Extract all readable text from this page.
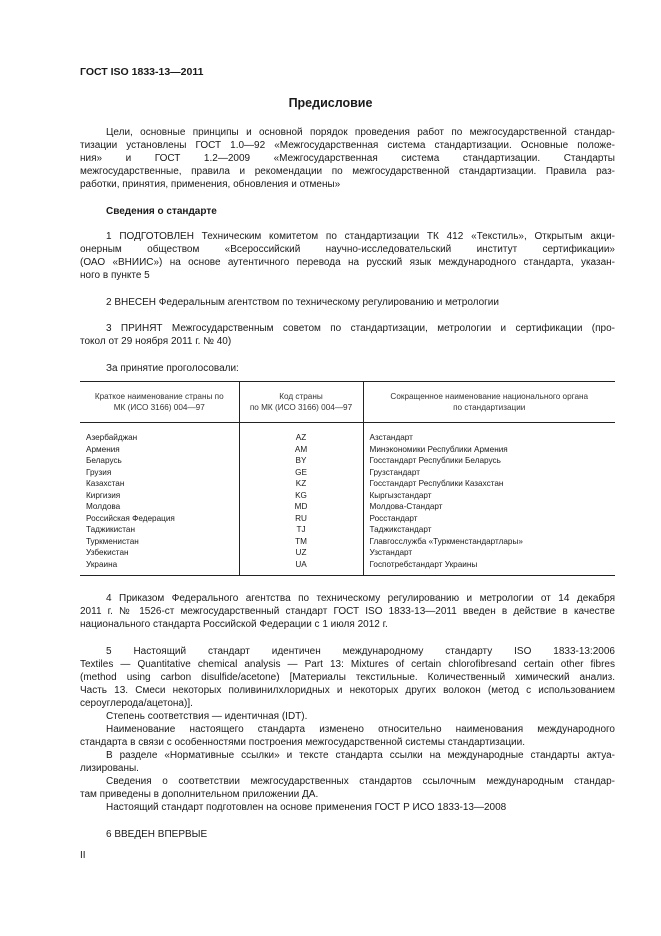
ГОСТ ISO 1833-13—2011
Предисловие
Цели, основные принципы и основной порядок проведения работ по межгосударственной стандар-
тизации установлены ГОСТ 1.0—92 «Межгосударственная система стандартизации. Основные положе-
ния» и ГОСТ 1.2—2009 «Межгосударственная система стандартизации. Стандарты
межгосударственные, правила и рекомендации по межгосударственной стандартизации. Правила раз-
работки, принятия, применения, обновления и отмены»
Сведения о стандарте
1 ПОДГОТОВЛЕН Техническим комитетом по стандартизации ТК 412 «Текстиль», Открытым акци-
онерным обществом «Всероссийский научно-исследовательский институт сертификации»
(ОАО «ВНИИС») на основе аутентичного перевода на русский язык международного стандарта, указан-
ного в пункте 5
2 ВНЕСЕН Федеральным агентством по техническому регулированию и метрологии
3 ПРИНЯТ Межгосударственным советом по стандартизации, метрологии и сертификации (про-
токол от 29 ноября 2011 г. № 40)
За принятие проголосовали:
Краткое наименование страны по
МК (ИСО 3166) 004—97	Код страны
по МК (ИСО 3166) 004—97	Сокращенное наименование национального органа
по стандартизации
Азербайджан	AZ	Азстандарт
Армения	AM	Минэкономики Республики Армения
Беларусь	BY	Госстандарт Республики Беларусь
Грузия	GE	Грузстандарт
Казахстан	KZ	Госстандарт Республики Казахстан
Киргизия	KG	Кыргызстандарт
Молдова	MD	Молдова-Стандарт
Российская Федерация	RU	Росстандарт
Таджикистан	TJ	Таджикстандарт
Туркменистан	TM	Главгосслужба «Туркменстандартлары»
Узбекистан	UZ	Узстандарт
Украина	UA	Госпотребстандарт Украины
4 Приказом Федерального агентства по техническому регулированию и метрологии от 14 декабря
2011 г. № 1526-ст межгосударственный стандарт ГОСТ ISO 1833-13—2011 введен в действие в качестве
национального стандарта Российской Федерации с 1 июля 2012 г.
5 Настоящий стандарт идентичен международному стандарту ISO 1833-13:2006
Textiles — Quantitative chemical analysis — Part 13: Mixtures of certain chlorofibresand certain other fibres
(method using carbon disulfide/acetone) [Материалы текстильные. Количественный химический анализ.
Часть 13. Смеси некоторых поливинилхлоридных и некоторых других волокон (метод с использованием
сероуглерода/ацетона)].
Степень соответствия — идентичная (IDT).
Наименование настоящего стандарта изменено относительно наименования международного
стандарта в связи с особенностями построения межгосударственной системы стандартизации.
В разделе «Нормативные ссылки» и тексте стандарта ссылки на международные стандарты актуа-
лизированы.
Сведения о соответствии межгосударственных стандартов ссылочным международным стандар-
там приведены в дополнительном приложении ДА.
Настоящий стандарт подготовлен на основе применения ГОСТ Р ИСО 1833-13—2008
6 ВВЕДЕН ВПЕРВЫЕ
II
